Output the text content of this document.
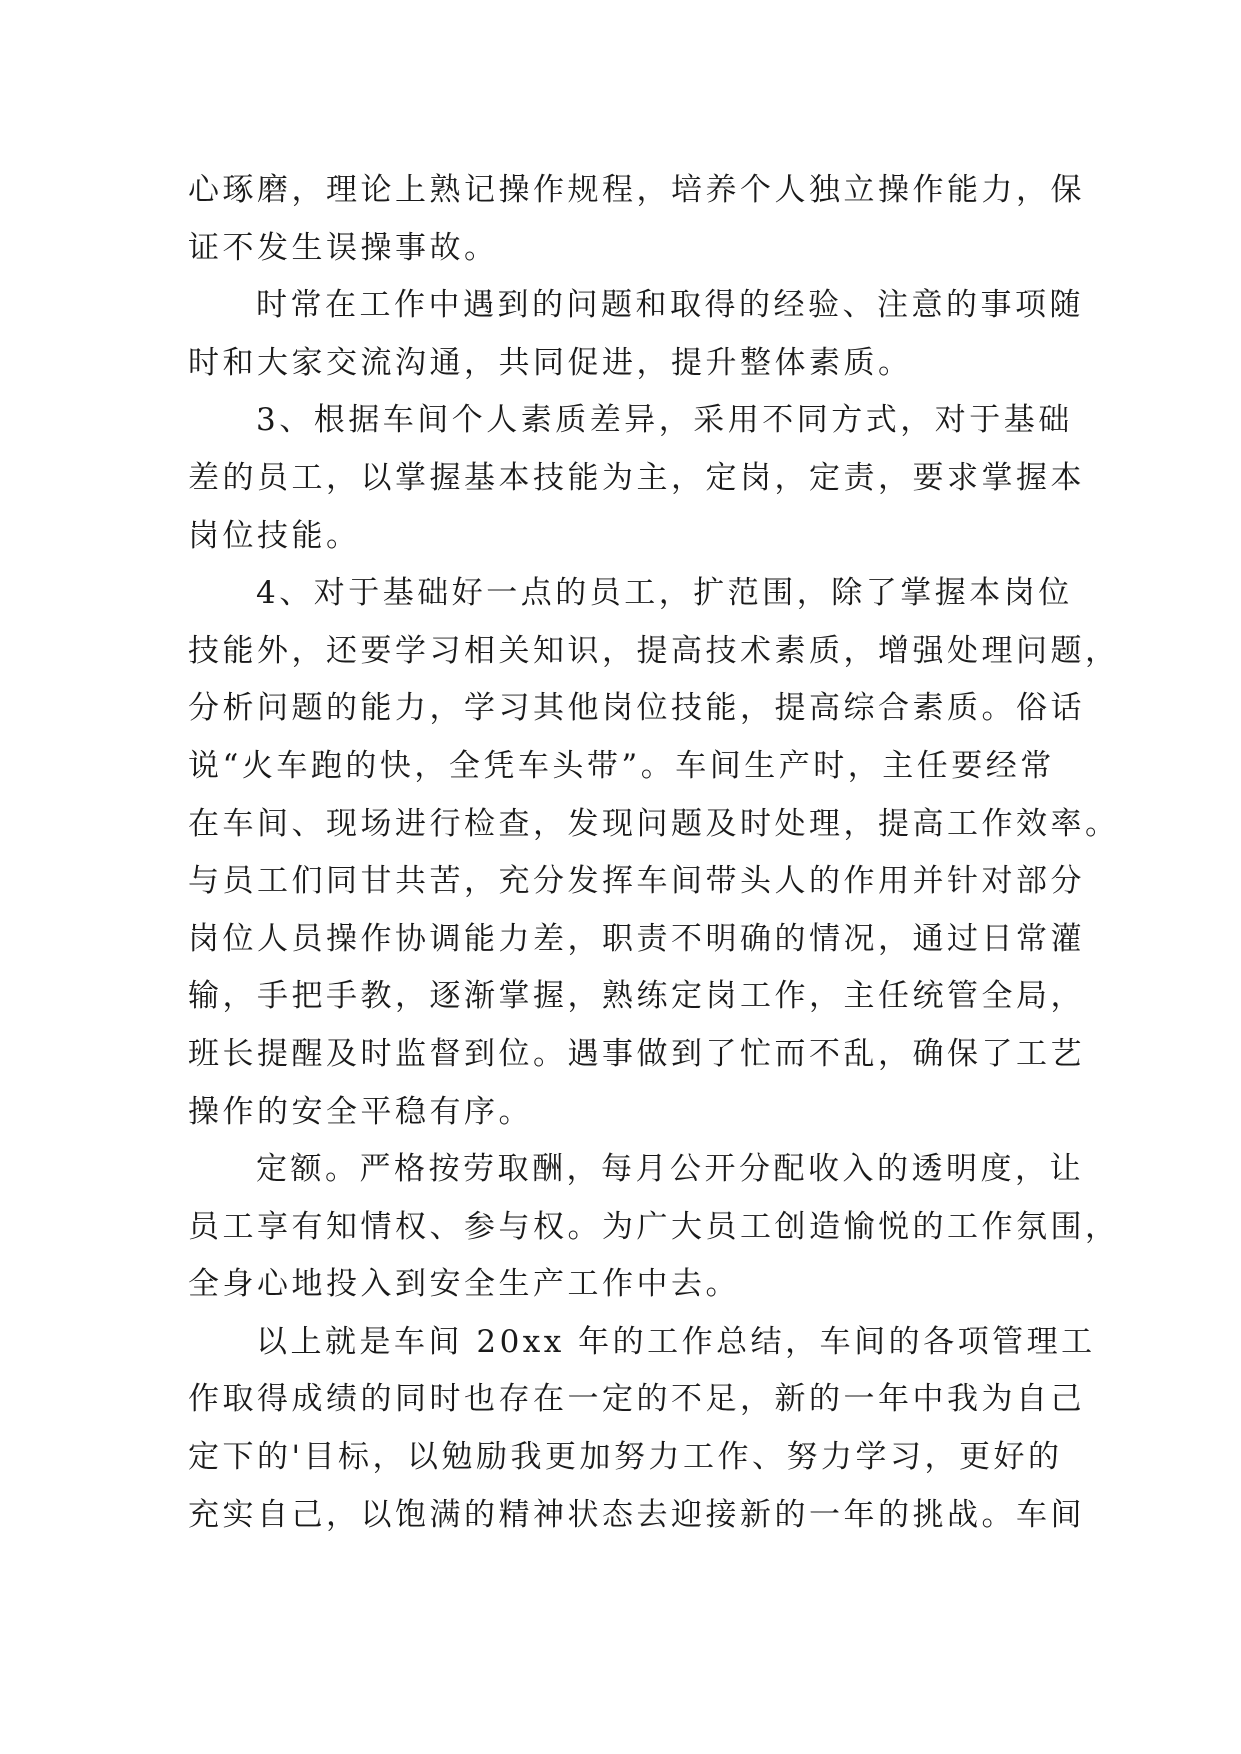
心琢磨，理论上熟记操作规程，培养个人独立操作能力，保
证不发生误操事故。
时常在工作中遇到的问题和取得的经验、注意的事项随
时和大家交流沟通，共同促进，提升整体素质。
3、根据车间个人素质差异，采用不同方式，对于基础
差的员工，以掌握基本技能为主，定岗，定责，要求掌握本
岗位技能。
4、对于基础好一点的员工，扩范围，除了掌握本岗位
技能外，还要学习相关知识，提高技术素质，增强处理问题，
分析问题的能力，学习其他岗位技能，提高综合素质。俗话
说“火车跑的快，全凭车头带”。车间生产时，主任要经常
在车间、现场进行检查，发现问题及时处理，提高工作效率。
与员工们同甘共苦，充分发挥车间带头人的作用并针对部分
岗位人员操作协调能力差，职责不明确的情况，通过日常灌
输，手把手教，逐渐掌握，熟练定岗工作，主任统管全局，
班长提醒及时监督到位。遇事做到了忙而不乱，确保了工艺
操作的安全平稳有序。
定额。严格按劳取酬，每月公开分配收入的透明度，让
员工享有知情权、参与权。为广大员工创造愉悦的工作氛围，
全身心地投入到安全生产工作中去。
以上就是车间 20xx 年的工作总结，车间的各项管理工
作取得成绩的同时也存在一定的不足，新的一年中我为自己
定下的'目标，以勉励我更加努力工作、努力学习，更好的
充实自己，以饱满的精神状态去迎接新的一年的挑战。车间
